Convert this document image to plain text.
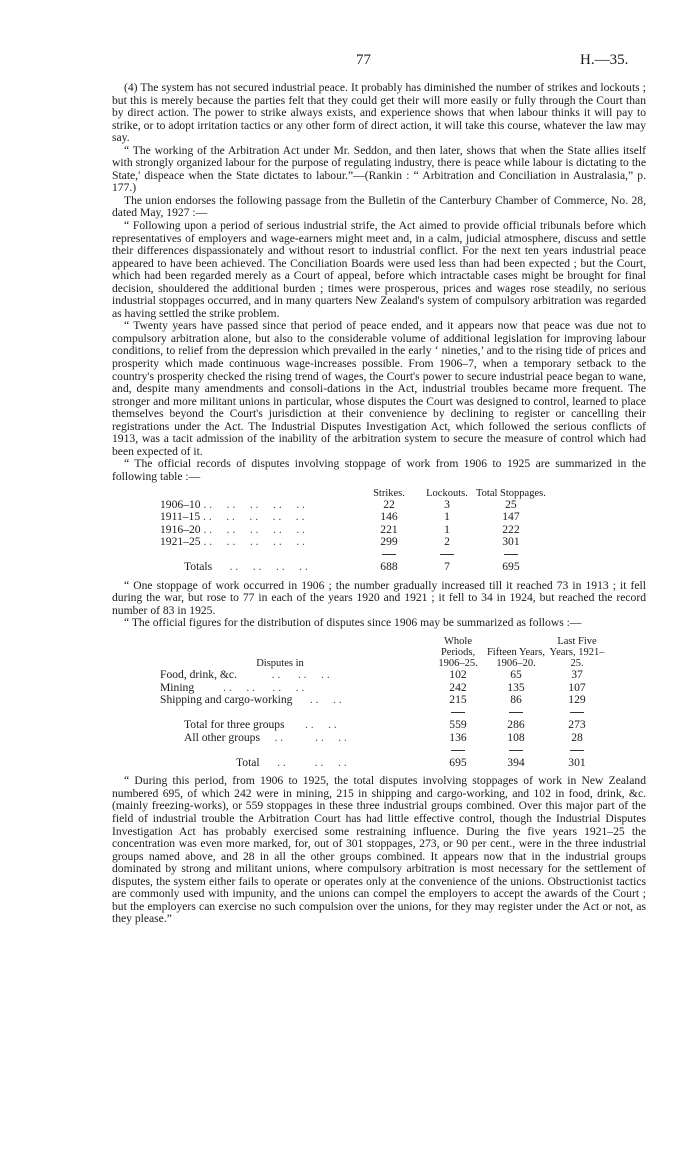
77	H.—35.

(4) The system has not secured industrial peace. It probably has diminished the number of strikes and lockouts ; but this is merely because the parties felt that they could get their will more easily or fully through the Court than by direct action. The power to strike always exists, and experience shows that when labour thinks it will pay to strike, or to adopt irritation tactics or any other form of direct action, it will take this course, whatever the law may say.

“ The working of the Arbitration Act under Mr. Seddon, and then later, shows that when the State allies itself with strongly organized labour for the purpose of regulating industry, there is peace while labour is dictating to the State,' dispeace when the State dictates to labour.”—(Rankin : “ Arbitration and Conciliation in Australasia,” p. 177.)

The union endorses the following passage from the Bulletin of the Canterbury Chamber of Commerce, No. 28, dated May, 1927 :—

“ Following upon a period of serious industrial strife, the Act aimed to provide official tribunals before which representatives of employers and wage-earners might meet and, in a calm, judicial atmosphere, discuss and settle their differences dispassionately and without resort to industrial conflict. For the next ten years industrial peace appeared to have been achieved. The Conciliation Boards were used less than had been expected ; but the Court, which had been regarded merely as a Court of appeal, before which intractable cases might be brought for final decision, shouldered the additional burden ; times were prosperous, prices and wages rose steadily, no serious industrial stoppages occurred, and in many quarters New Zealand's system of compulsory arbitration was regarded as having settled the strike problem.

“ Twenty years have passed since that period of peace ended, and it appears now that peace was due not to compulsory arbitration alone, but also to the considerable volume of additional legislation for improving labour conditions, to relief from the depression which prevailed in the early ‘ nineties,’ and to the rising tide of prices and prosperity which made continuous wage-increases possible. From 1906–7, when a temporary setback to the country's prosperity checked the rising trend of wages, the Court's power to secure industrial peace began to wane, and, despite many amendments and consoli-dations in the Act, industrial troubles became more frequent. The stronger and more militant unions in particular, whose disputes the Court was designed to control, learned to place themselves beyond the Court's jurisdiction at their convenience by declining to register or cancelling their registrations under the Act. The Industrial Disputes Investigation Act, which followed the serious conflicts of 1913, was a tacit admission of the inability of the arbitration system to secure the measure of control which had been expected of it.

“ The official records of disputes involving stoppage of work from 1906 to 1925 are summarized in the following table :—

	Strikes.	Lockouts.	Total Stoppages.
1906–10 . .     . .     . .     . .     . .	22	3	25
1911–15 . .     . .     . .     . .     . .	146	1	147
1916–20 . .     . .     . .     . .     . .	221	1	222
1921–25 . .     . .     . .     . .     . .	299	2	301

Totals      . .     . .     . .     . .	688	7	695

“ One stoppage of work occurred in 1906 ; the number gradually increased till it reached 73 in 1913 ; it fell during the war, but rose to 77 in each of the years 1920 and 1921 ; it fell to 34 in 1924, but reached the record number of 83 in 1925.

“ The official figures for the distribution of disputes since 1906 may be summarized as follows :—

Disputes in	Whole Periods, 1906–25.	Fifteen Years, 1906–20.	Last Five Years, 1921–25.
Food, drink, &c.            . .      . .     . .	102	65	37
Mining          . .     . .      . .     . .	242	135	107
Shipping and cargo-working      . .     . .	215	86	129

Total for three groups       . .     . .	559	286	273
All other groups     . .           . .     . .	136	108	28

Total      . .          . .     . .	695	394	301

“ During this period, from 1906 to 1925, the total disputes involving stoppages of work in New Zealand numbered 695, of which 242 were in mining, 215 in shipping and cargo-working, and 102 in food, drink, &c. (mainly freezing-works), or 559 stoppages in these three industrial groups combined. Over this major part of the field of industrial trouble the Arbitration Court has had little effective control, though the Industrial Disputes Investigation Act has probably exercised some restraining influence. During the five years 1921–25 the concentration was even more marked, for, out of 301 stoppages, 273, or 90 per cent., were in the three industrial groups named above, and 28 in all the other groups combined. It appears now that in the industrial groups dominated by strong and militant unions, where compulsory arbitration is most necessary for the settlement of disputes, the system either fails to operate or operates only at the convenience of the unions. Obstructionist tactics are commonly used with impunity, and the unions can compel the employers to accept the awards of the Court ; but the employers can exercise no such compulsion over the unions, for they may register under the Act or not, as they please.”
